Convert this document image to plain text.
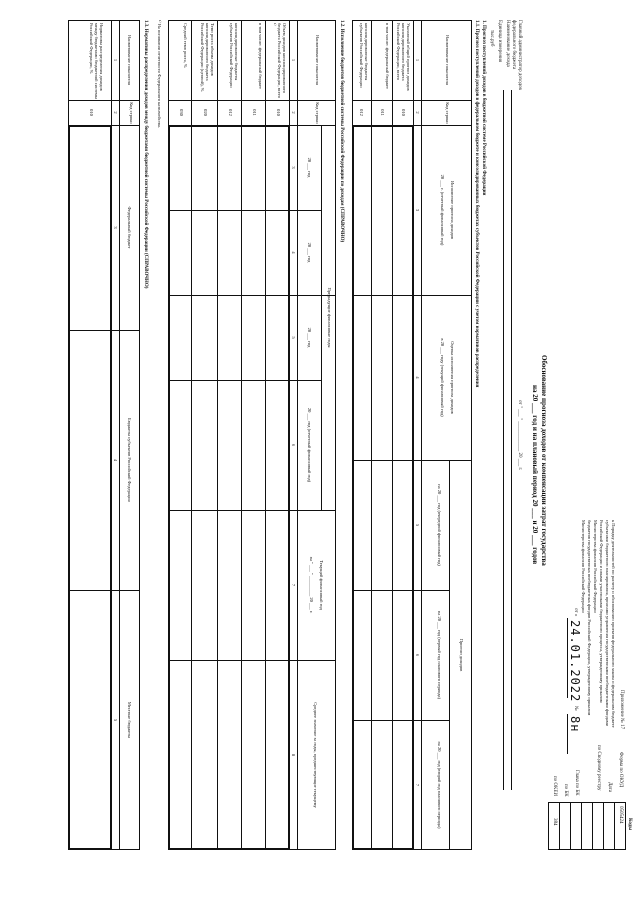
Приложение № 17
к Порядку деятельностей по расчету и обоснованию проектов федерального закона о федеральном бюджете
субъектами бюджетного планирования, органами управления государственными внебюджетными фондами
Российской Федерации и иными участниками бюджетного процесса, утвержденному приказом
Министерства финансов Российской Федерации
бюджетов государственных внебюджетных фондов Российской Федерации, утвержденному приказом
Министерства финансов Российской Федерации
от «
24.01.2022
№
8н
Коды
0505424
384
Форма по ОКУД
Дата
по Сводному реестру
Глава по БК
по БК
по ОКЕИ
Обоснование прогноза доходов от компенсации затрат государства
на 20 ___ год и на плановый период 20 ___ и 20 ___ годов
от " ___ " ____________ 20 ___ г.
Главный администратор доходов федерального бюджета
Наименование дохода
Единица измерения
тыс.руб
1. Прогноз поступлений доходов в бюджетной системе Российской Федерации
1.1. Прогноз поступлений доходов в федеральном бюджете и консолидированных бюджетах субъектов Российской Федерации с учетом нормативов распределения
Наименование показателя
Код строки
Исполнение прогноза доходов
20 ___ г. (отчетный финансовый год)
Оценка исполнения прогноза доходов
в 20 ___ году (текущий финансовый год)
Прогноз доходов
на 20 ___ год (очередной финансовый год)
на 20 ___ год (первый год планового периода)
на 20 ___ год (второй год планового периода)
1
2
3
4
5
6
7
Указанный общий прогноз доходов консолидированного бюджета Российской Федерации, всего
010
в том числе: федеральный бюджет
011
консолидированные бюджеты субъектов Российской Федерации
012
1.2. Исполнение бюджетов бюджетной системы Российской Федерации по доходам (СПРАВОЧНО)
Наименование показателя
Код строки
Предыдущие финансовые годы
20 ___ год
20 ___ год
20 ___ год
20 ___ год (отчетный финансовый год)
Текущий финансовый год
на " ___ " _________ 20 ___ г.
Среднее значение за годы, предшествующие текущему
1
2
3
4
5
6
7
8
Объем доходов консолидированного бюджета Российской Федерации, всего ¹⁾
010
в том числе: федеральный бюджет
011
консолидированные бюджеты субъектов Российской Федерации
012
Темп роста объема доходов консолидированного бюджета Российской Федерации (цепной), %
020
Средний темп роста, %
030
¹⁾ На основании отчетности Федерального казначейства.
1.3. Нормативы распределения доходов между бюджетами бюджетной системы Российской Федерации (СПРАВОЧНО)
Наименование показателя
Код строки
Федеральный бюджет
Бюджеты субъектов Российской Федерации
Местные бюджеты
1
2
3
4
5
Нормативы распределения доходов между бюджетами бюджетной системы Российской Федерации, %
010
